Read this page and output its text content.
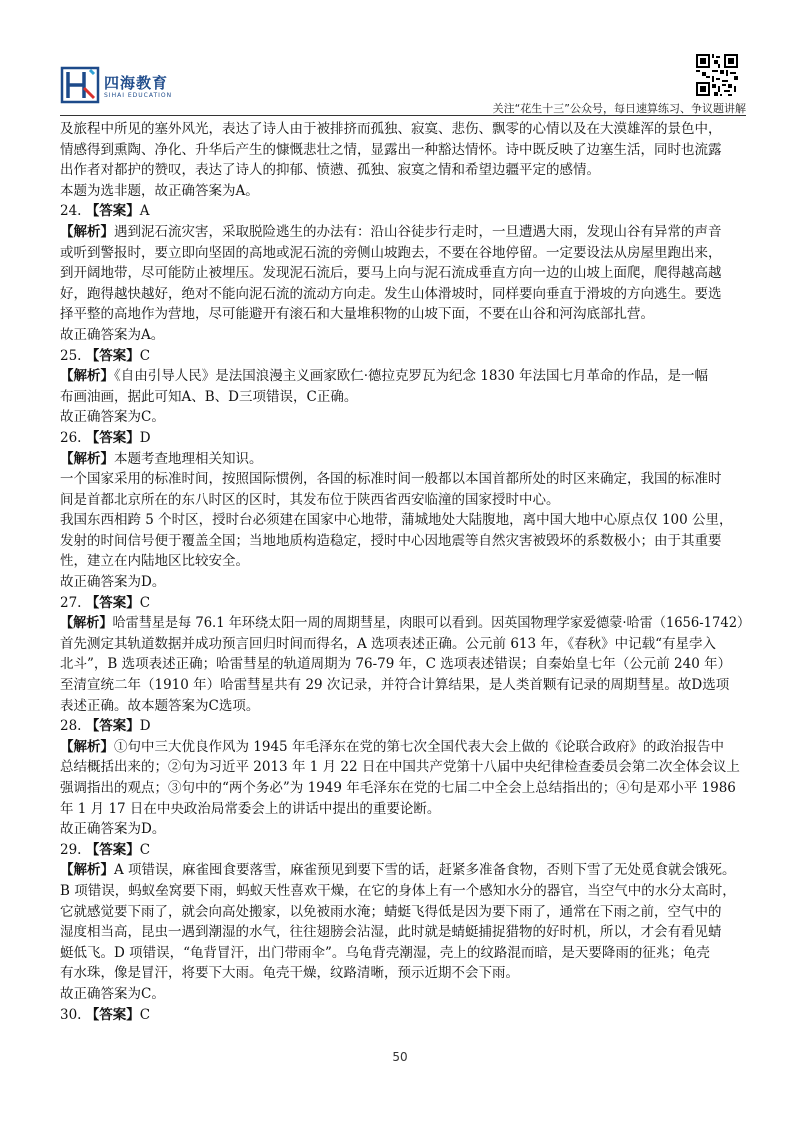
四海教育
SIHAI EDUCATION
关注“花生十三”公众号，每日速算练习、争议题讲解
及旅程中所见的塞外风光，表达了诗人由于被排挤而孤独、寂寞、悲伤、飘零的心情以及在大漠雄浑的景色中，
情感得到熏陶、净化、升华后产生的慷慨悲壮之情，显露出一种豁达情怀。诗中既反映了边塞生活，同时也流露
出作者对都护的赞叹，表达了诗人的抑郁、愤懑、孤独、寂寞之情和希望边疆平定的感情。
本题为选非题，故正确答案为A。
24. 【答案】A
【解析】遇到泥石流灾害，采取脱险逃生的办法有：沿山谷徒步行走时，一旦遭遇大雨，发现山谷有异常的声音
或听到警报时，要立即向坚固的高地或泥石流的旁侧山坡跑去，不要在谷地停留。一定要设法从房屋里跑出来，
到开阔地带，尽可能防止被埋压。发现泥石流后，要马上向与泥石流成垂直方向一边的山坡上面爬，爬得越高越
好，跑得越快越好，绝对不能向泥石流的流动方向走。发生山体滑坡时，同样要向垂直于滑坡的方向逃生。要选
择平整的高地作为营地，尽可能避开有滚石和大量堆积物的山坡下面，不要在山谷和河沟底部扎营。
故正确答案为A。
25. 【答案】C
【解析】《自由引导人民》是法国浪漫主义画家欧仁·德拉克罗瓦为纪念 1830 年法国七月革命的作品，是一幅
布画油画，据此可知A、B、D三项错误，C正确。
故正确答案为C。
26. 【答案】D
【解析】本题考查地理相关知识。
一个国家采用的标准时间，按照国际惯例，各国的标准时间一般都以本国首都所处的时区来确定，我国的标准时
间是首都北京所在的东八时区的区时，其发布位于陕西省西安临潼的国家授时中心。
我国东西相跨 5 个时区，授时台必须建在国家中心地带，蒲城地处大陆腹地，离中国大地中心原点仅 100 公里，
发射的时间信号便于覆盖全国；当地地质构造稳定，授时中心因地震等自然灾害被毁坏的系数极小；由于其重要
性，建立在内陆地区比较安全。
故正确答案为D。
27. 【答案】C
【解析】哈雷彗星是每 76.1 年环绕太阳一周的周期彗星，肉眼可以看到。因英国物理学家爱德蒙·哈雷（1656-1742）
首先测定其轨道数据并成功预言回归时间而得名，A 选项表述正确。公元前 613 年，《春秋》中记载“有星孛入
北斗”，B 选项表述正确；哈雷彗星的轨道周期为 76-79 年，C 选项表述错误；自秦始皇七年（公元前 240 年）
至清宣统二年（1910 年）哈雷彗星共有 29 次记录，并符合计算结果，是人类首颗有记录的周期彗星。故D选项
表述正确。故本题答案为C选项。
28. 【答案】D
【解析】①句中三大优良作风为 1945 年毛泽东在党的第七次全国代表大会上做的《论联合政府》的政治报告中
总结概括出来的；②句为习近平 2013 年 1 月 22 日在中国共产党第十八届中央纪律检查委员会第二次全体会议上
强调指出的观点；③句中的“两个务必”为 1949 年毛泽东在党的七届二中全会上总结指出的；④句是邓小平 1986
年 1 月 17 日在中央政治局常委会上的讲话中提出的重要论断。
故正确答案为D。
29. 【答案】C
【解析】A 项错误，麻雀囤食要落雪，麻雀预见到要下雪的话，赶紧多准备食物，否则下雪了无处觅食就会饿死。
B 项错误，蚂蚁垒窝要下雨，蚂蚁天性喜欢干燥，在它的身体上有一个感知水分的器官，当空气中的水分太高时，
它就感觉要下雨了，就会向高处搬家，以免被雨水淹；蜻蜓飞得低是因为要下雨了，通常在下雨之前，空气中的
湿度相当高，昆虫一遇到潮湿的水气，往往翅膀会沾湿，此时就是蜻蜓捕捉猎物的好时机，所以，才会有看见蜻
蜓低飞。D 项错误，“龟背冒汗，出门带雨伞”。乌龟背壳潮湿，壳上的纹路混而暗，是天要降雨的征兆；龟壳
有水珠，像是冒汗，将要下大雨。龟壳干燥，纹路清晰，预示近期不会下雨。
故正确答案为C。
30. 【答案】C
50
